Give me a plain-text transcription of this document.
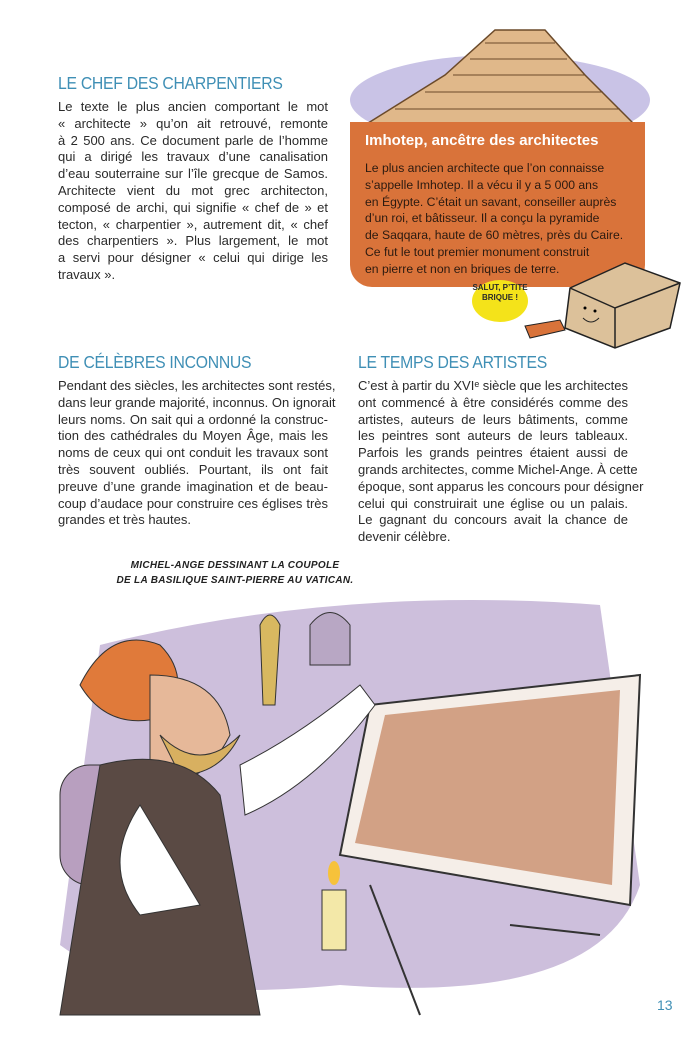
Imhotep, ancêtre des architectes
Le plus ancien architecte que l’on connaisse
s’appelle Imhotep. Il a vécu il y a 5 000 ans
en Égypte. C’était un savant, conseiller auprès
d’un roi, et bâtisseur. Il a conçu la pyramide
de Saqqara, haute de 60 mètres, près du Caire.
Ce fut le tout premier monument construit
en pierre et non en briques de terre.
SALUT, P’TITE BRIQUE !
LE CHEF DES CHARPENTIERS
Le texte le plus ancien comportant le mot
« architecte » qu’on ait retrouvé, remonte
à 2 500 ans. Ce document parle de l’homme
qui a dirigé les travaux d’une canalisation
d’eau souterraine sur l’île grecque de Samos.
Architecte vient du mot grec architecton,
composé de archi, qui signifie « chef de » et
tecton, « charpentier », autrement dit, « chef
des charpentiers ». Plus largement, le mot
a servi pour désigner « celui qui dirige les
travaux ».
DE CÉLÈBRES INCONNUS
Pendant des siècles, les architectes sont restés,
dans leur grande majorité, inconnus. On ignorait
leurs noms. On sait qui a ordonné la construc-
tion des cathédrales du Moyen Âge, mais les
noms de ceux qui ont conduit les travaux sont
très souvent oubliés. Pourtant, ils ont fait
preuve d’une grande imagination et de beau-
coup d’audace pour construire ces églises très
grandes et très hautes.
LE TEMPS DES ARTISTES
C’est à partir du XVIᵉ siècle que les architectes
ont commencé à être considérés comme des
artistes, auteurs de leurs bâtiments, comme
les peintres sont auteurs de leurs tableaux.
Parfois les grands peintres étaient aussi de
grands architectes, comme Michel-Ange. À cette
époque, sont apparus les concours pour désigner
celui qui construirait une église ou un palais.
Le gagnant du concours avait la chance de
devenir célèbre.
MICHEL-ANGE DESSINANT LA COUPOLE
DE LA BASILIQUE SAINT-PIERRE AU VATICAN.
13
